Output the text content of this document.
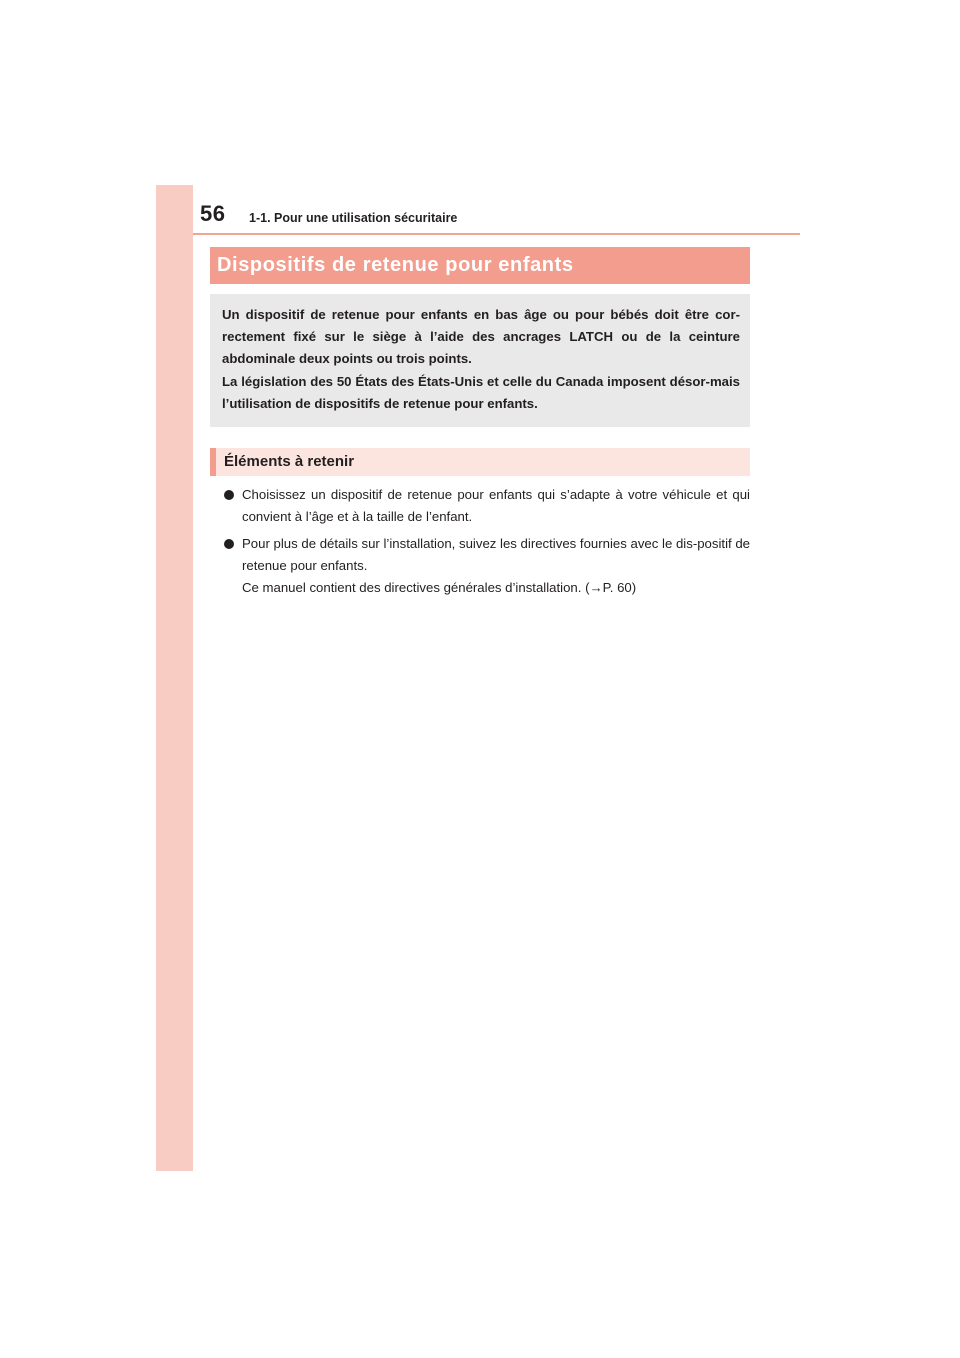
56 1-1. Pour une utilisation sécuritaire
Dispositifs de retenue pour enfants

Un dispositif de retenue pour enfants en bas âge ou pour bébés doit être cor-rectement fixé sur le siège à l’aide des ancrages LATCH ou de la ceinture abdominale deux points ou trois points.

La législation des 50 États des États-Unis et celle du Canada imposent désor-mais l’utilisation de dispositifs de retenue pour enfants.

Éléments à retenir
Choisissez un dispositif de retenue pour enfants qui s’adapte à votre véhicule et qui convient à l’âge et à la taille de l’enfant.
Pour plus de détails sur l’installation, suivez les directives fournies avec le dis-positif de retenue pour enfants.
Ce manuel contient des directives générales d’installation. (→P. 60)
